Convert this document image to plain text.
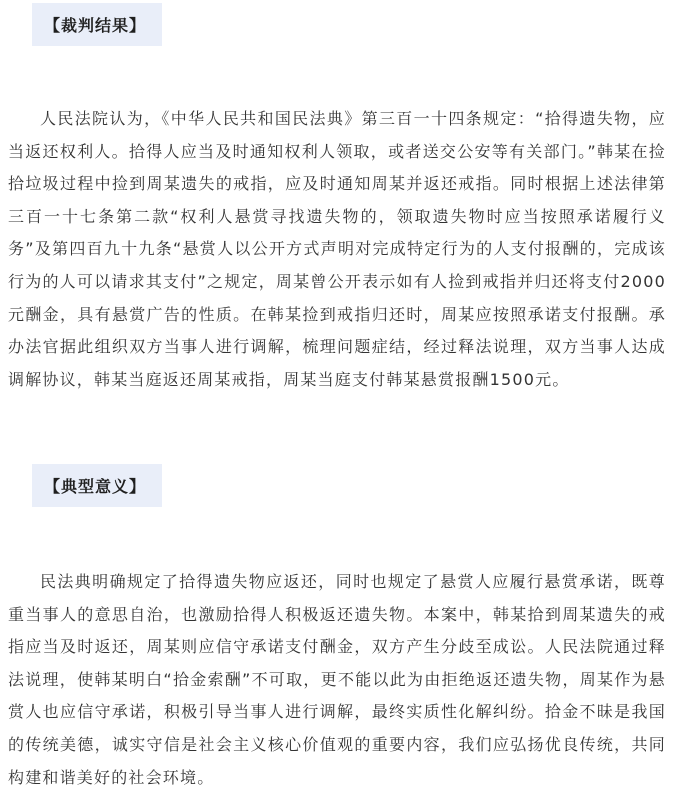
【裁判结果】

人民法院认为，《中华人民共和国民法典》第三百一十四条规定：“拾得遗失物，应当返还权利人。拾得人应当及时通知权利人领取，或者送交公安等有关部门。”韩某在捡拾垃圾过程中捡到周某遗失的戒指，应及时通知周某并返还戒指。同时根据上述法律第三百一十七条第二款“权利人悬赏寻找遗失物的，领取遗失物时应当按照承诺履行义务”及第四百九十九条“悬赏人以公开方式声明对完成特定行为的人支付报酬的，完成该行为的人可以请求其支付”之规定，周某曾公开表示如有人捡到戒指并归还将支付2000元酬金，具有悬赏广告的性质。在韩某捡到戒指归还时，周某应按照承诺支付报酬。承办法官据此组织双方当事人进行调解，梳理问题症结，经过释法说理，双方当事人达成调解协议，韩某当庭返还周某戒指，周某当庭支付韩某悬赏报酬1500元。

【典型意义】

民法典明确规定了拾得遗失物应返还，同时也规定了悬赏人应履行悬赏承诺，既尊重当事人的意思自治，也激励拾得人积极返还遗失物。本案中，韩某拾到周某遗失的戒指应当及时返还，周某则应信守承诺支付酬金，双方产生分歧至成讼。人民法院通过释法说理，使韩某明白“拾金索酬”不可取，更不能以此为由拒绝返还遗失物，周某作为悬赏人也应信守承诺，积极引导当事人进行调解，最终实质性化解纠纷。拾金不昧是我国的传统美德，诚实守信是社会主义核心价值观的重要内容，我们应弘扬优良传统，共同构建和谐美好的社会环境。
